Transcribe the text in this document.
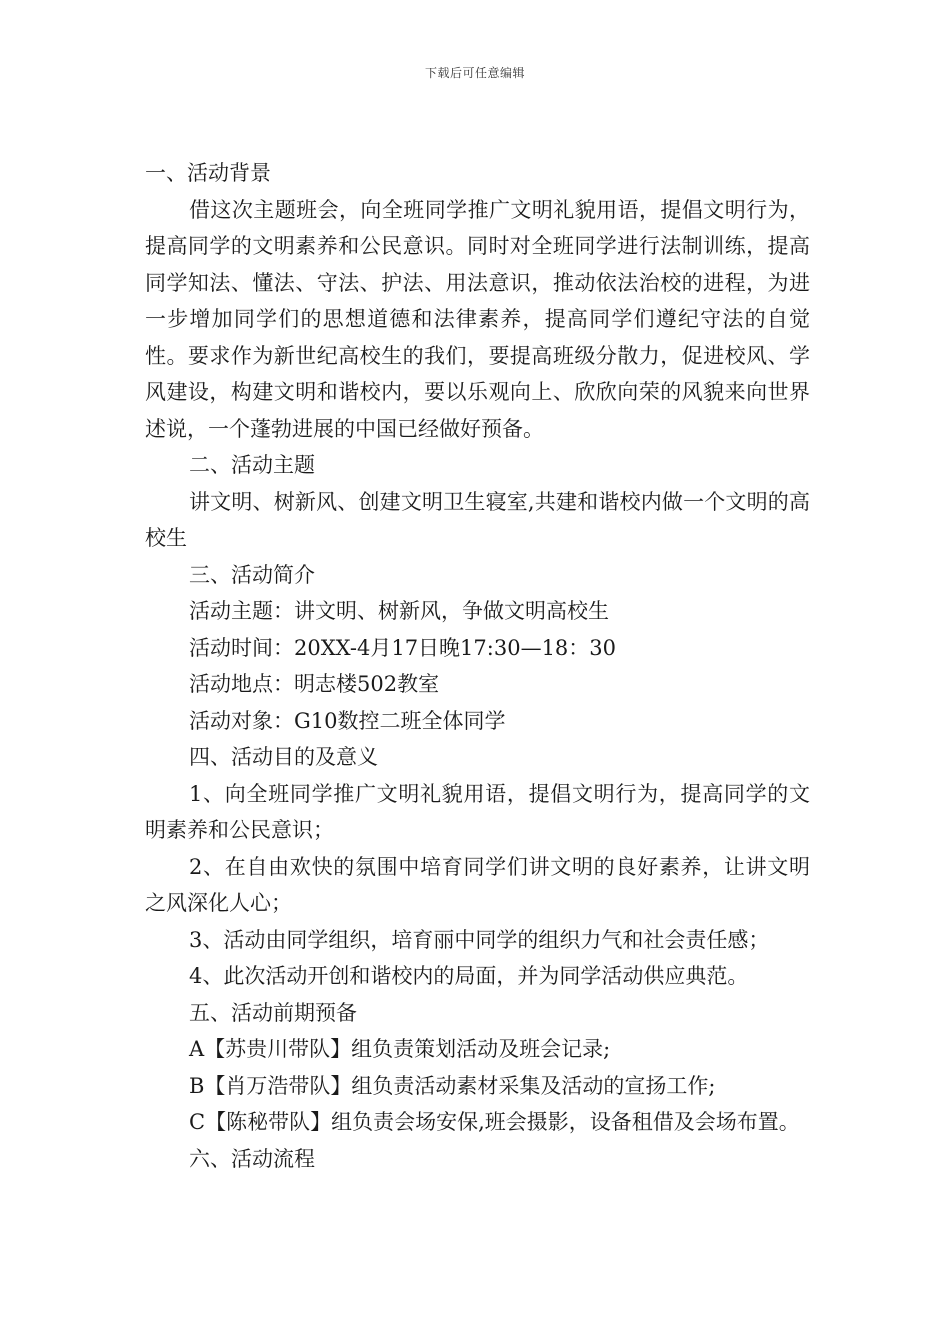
下载后可任意编辑

一、活动背景

借这次主题班会，向全班同学推广文明礼貌用语，提倡文明行为，提高同学的文明素养和公民意识。同时对全班同学进行法制训练，提高同学知法、懂法、守法、护法、用法意识，推动依法治校的进程，为进一步增加同学们的思想道德和法律素养，提高同学们遵纪守法的自觉性。要求作为新世纪高校生的我们，要提高班级分散力，促进校风、学风建设，构建文明和谐校内，要以乐观向上、欣欣向荣的风貌来向世界述说，一个蓬勃进展的中国已经做好预备。

二、活动主题

讲文明、树新风、创建文明卫生寝室,共建和谐校内做一个文明的高校生

三、活动简介

活动主题：讲文明、树新风，争做文明高校生

活动时间：20XX-4月17日晚17:30—18：30

活动地点：明志楼502教室

活动对象：G10数控二班全体同学

四、活动目的及意义

1、向全班同学推广文明礼貌用语，提倡文明行为，提高同学的文明素养和公民意识；

2、在自由欢快的氛围中培育同学们讲文明的良好素养，让讲文明之风深化人心；

3、活动由同学组织，培育丽中同学的组织力气和社会责任感；

4、此次活动开创和谐校内的局面，并为同学活动供应典范。

五、活动前期预备

A【苏贵川带队】组负责策划活动及班会记录;

B【肖万浩带队】组负责活动素材采集及活动的宣扬工作;

C【陈秘带队】组负责会场安保,班会摄影，设备租借及会场布置。

六、活动流程
